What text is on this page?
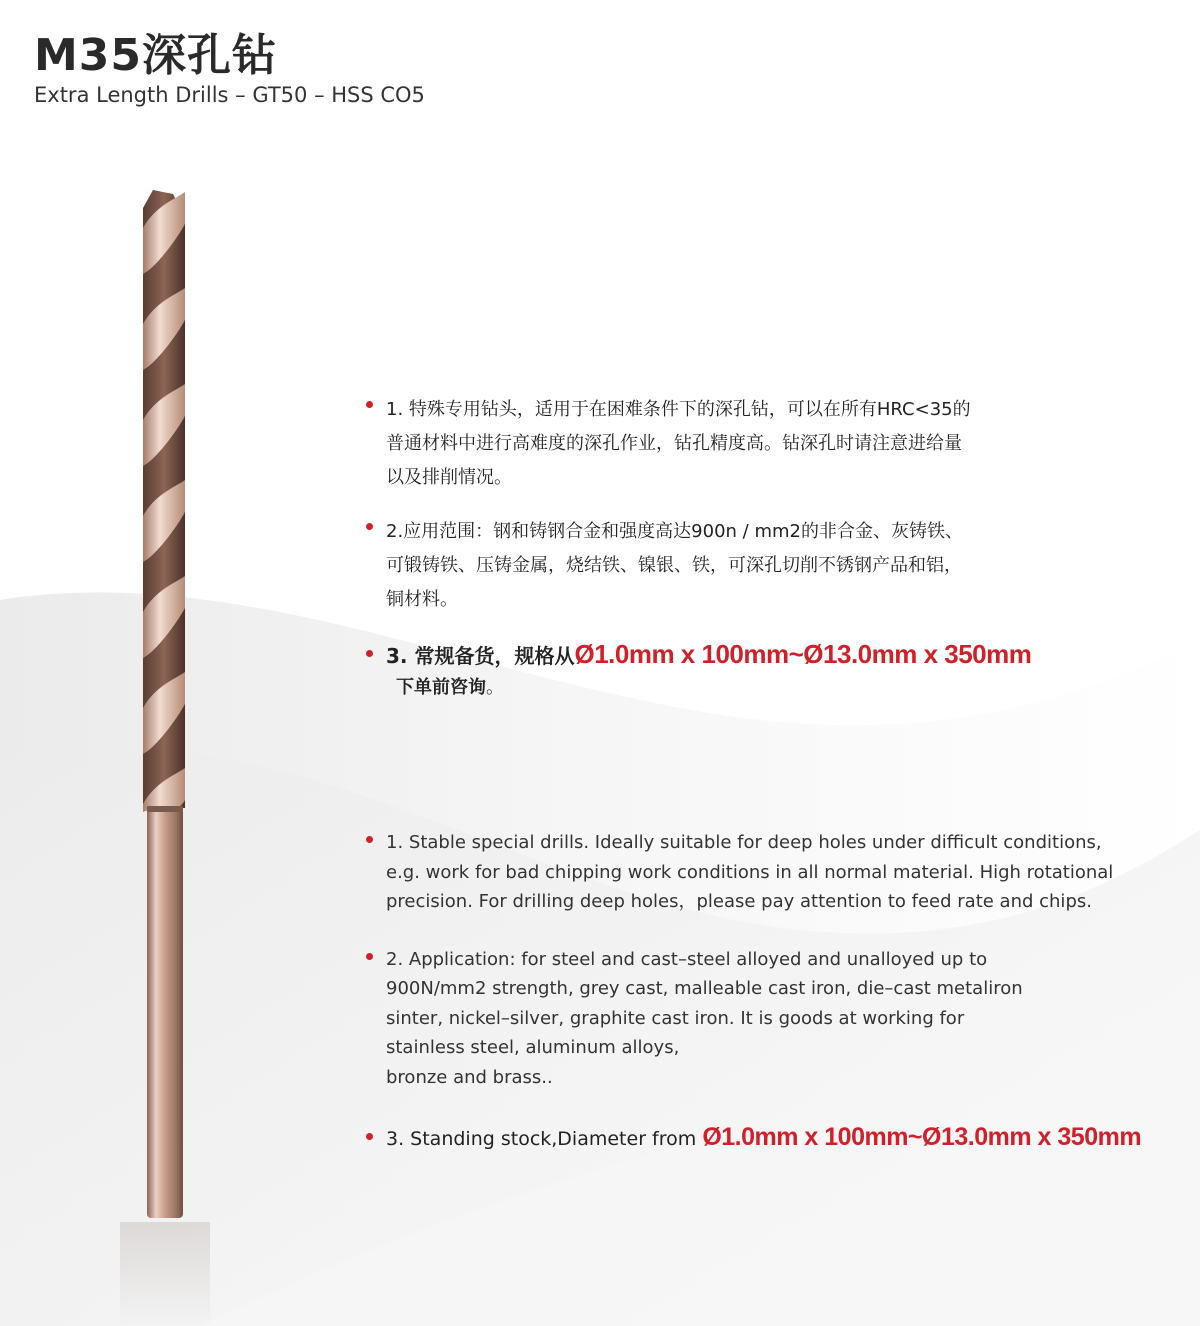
M35深孔钻
Extra Length Drills – GT50 – HSS CO5

1. 特殊专用钻头，适用于在困难条件下的深孔钻，可以在所有HRC<35的

普通材料中进行高难度的深孔作业，钻孔精度高。钻深孔时请注意进给量

以及排削情况。

2.应用范围：钢和铸钢合金和强度高达900n / mm2的非合金、灰铸铁、

可锻铸铁、压铸金属，烧结铁、镍银、铁，可深孔切削不锈钢产品和铝，

铜材料。

3. 常规备货，规格从Ø1.0mm x 100mm~Ø13.0mm x 350mm
下单前咨询。

1. Stable special drills. Ideally suitable for deep holes under difficult conditions,

e.g. work for bad chipping work conditions in all normal material. High rotational

precision. For drilling deep holes，please pay attention to feed rate and chips.

2. Application: for steel and cast–steel alloyed and unalloyed up to

900N/mm2 strength, grey cast, malleable cast iron, die–cast metaliron

sinter, nickel–silver, graphite cast iron. It is goods at working for

stainless steel, aluminum alloys,

bronze and brass..

3. Standing stock,Diameter from Ø1.0mm x 100mm~Ø13.0mm x 350mm
